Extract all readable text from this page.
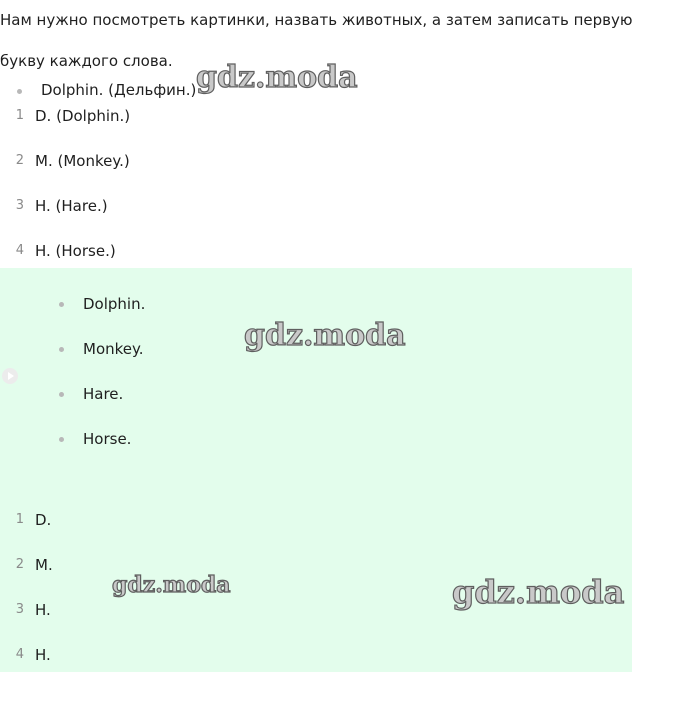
Нам нужно посмотреть картинки, назвать животных, а затем записать первую букву каждого слова.

Dolphin. (Дельфин.)
1 D. (Dolphin.)
2 M. (Monkey.)
3 H. (Hare.)
4 H. (Horse.)
Dolphin.
Monkey.
Hare.
Horse.
1 D.
2 M.
3 H.
4 H.
gdz.moda
gdz.moda
gdz.moda	gdz.moda
